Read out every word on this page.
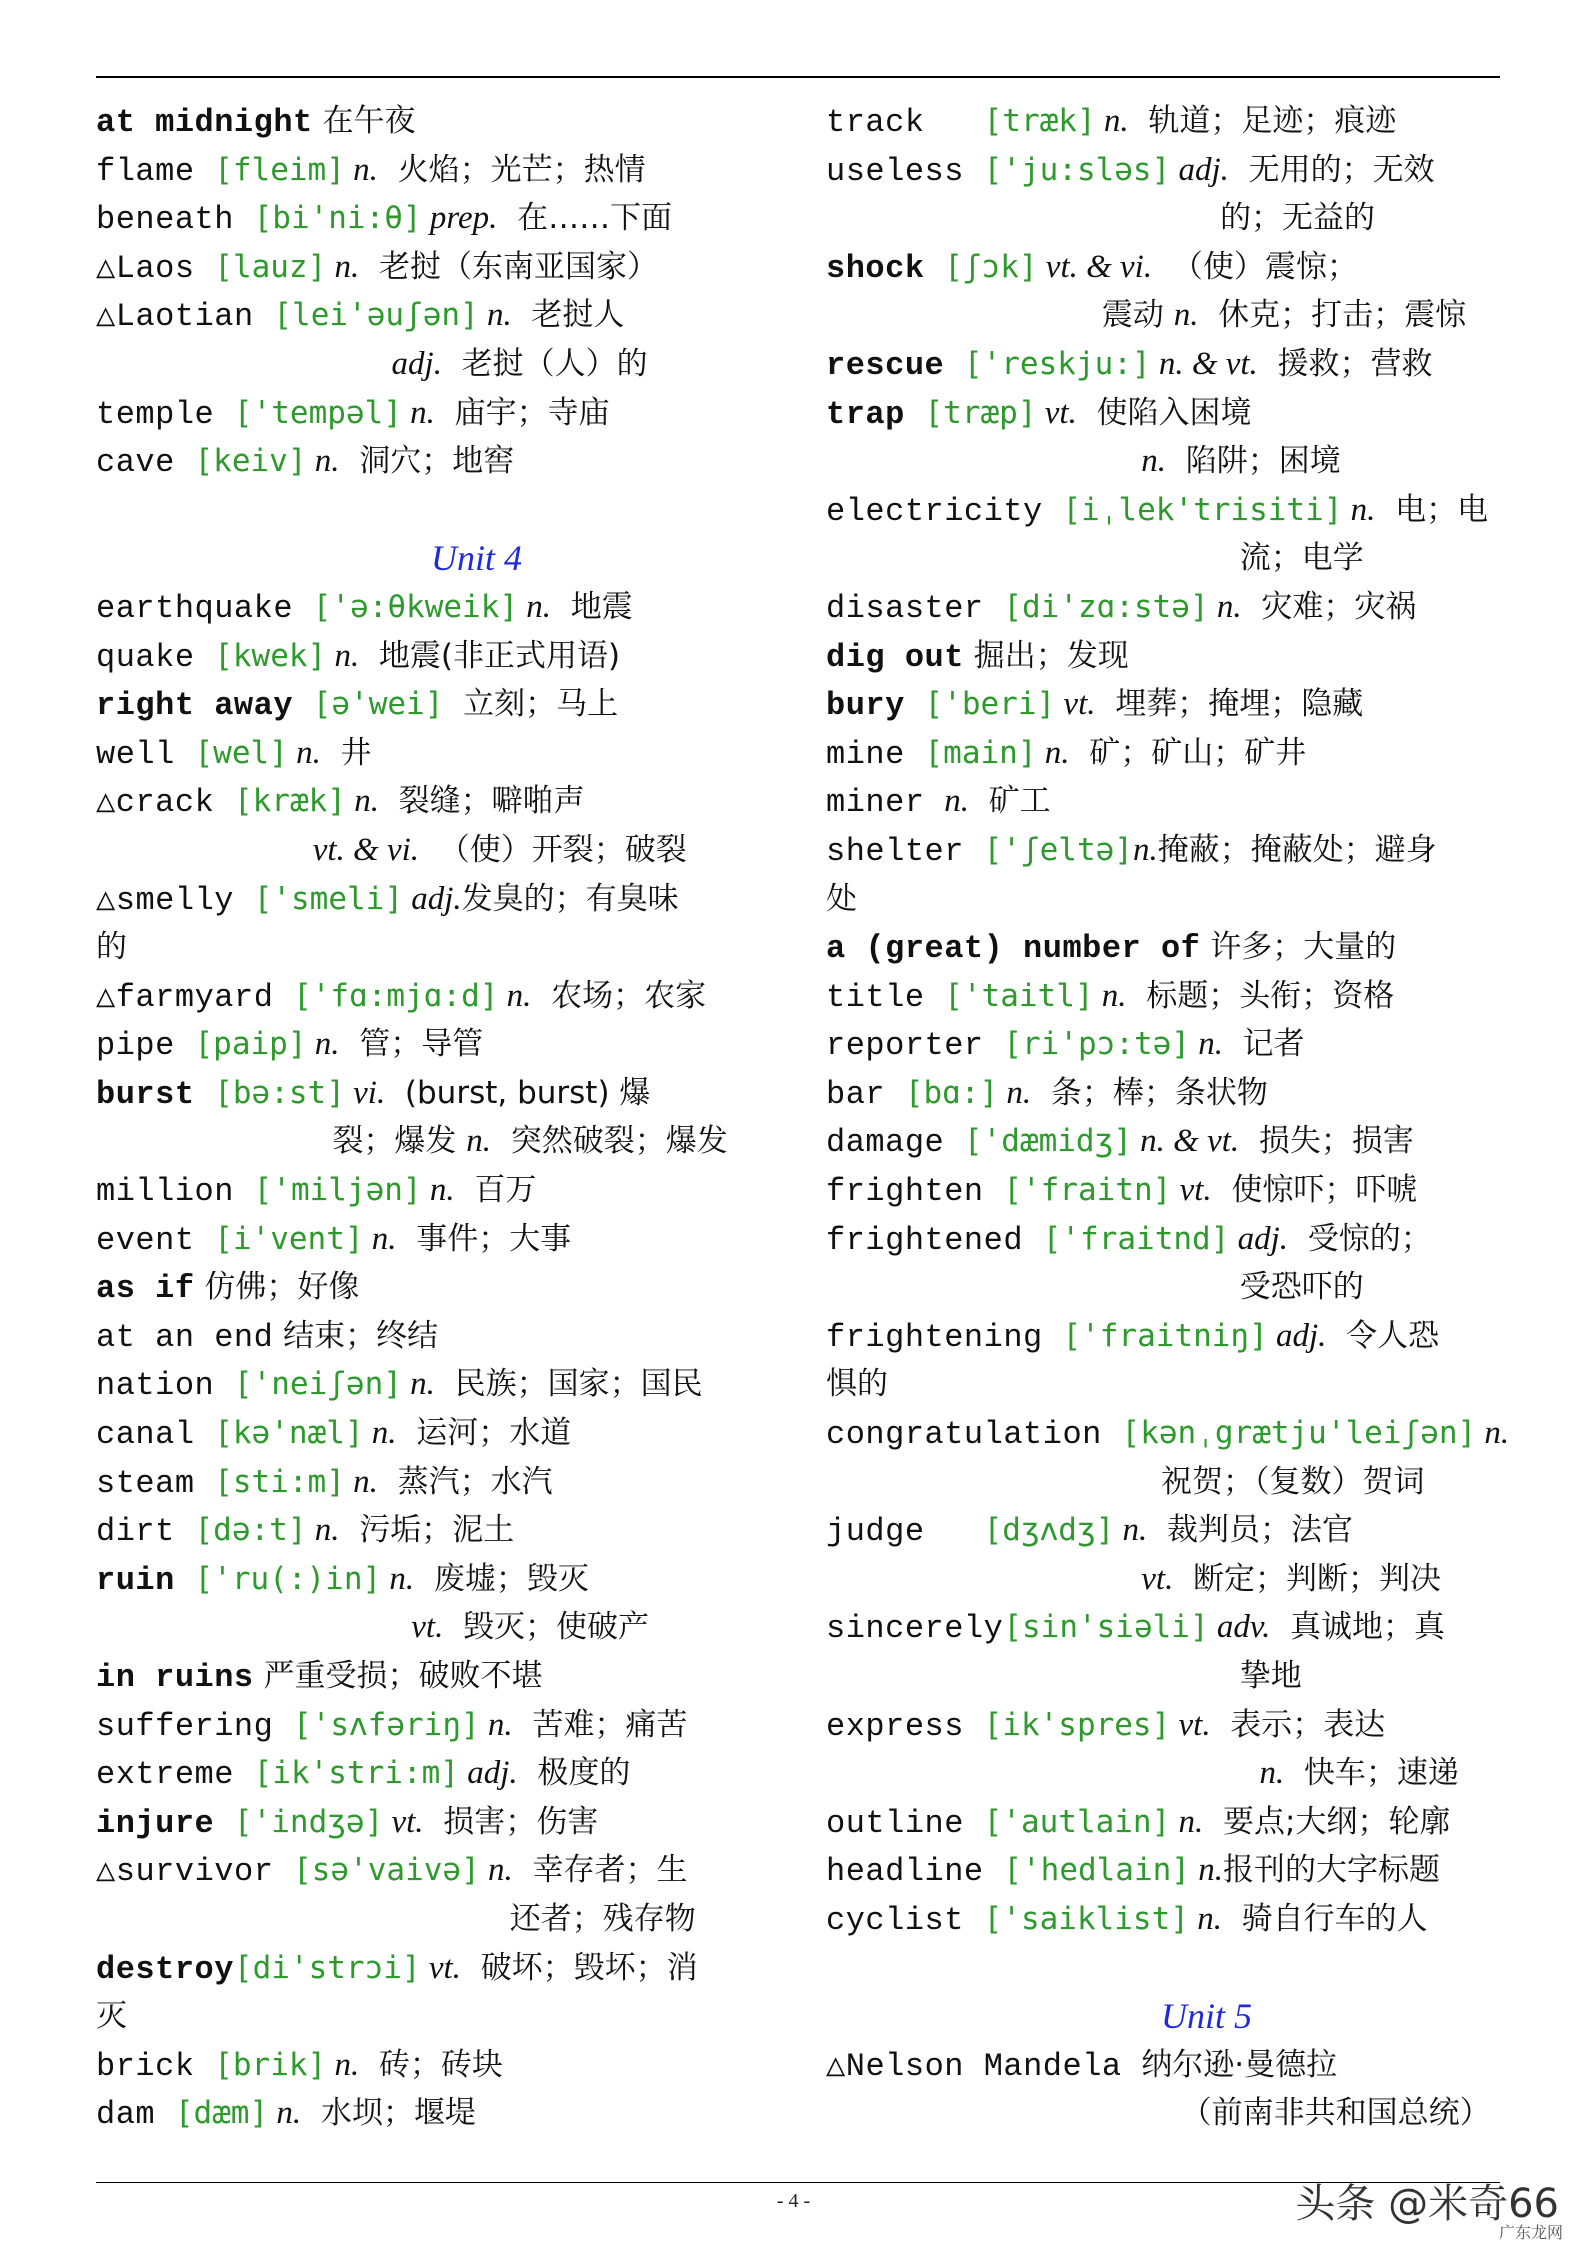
at midnight 在午夜
flame [fleim] n.  火焰；光芒；热情
beneath [bi'ni:θ] prep.  在……下面
△Laos [lauz] n.  老挝（东南亚国家）
△Laotian [lei'əuʃən] n.  老挝人
adj.  老挝（人）的
temple ['tempəl] n.  庙宇；寺庙
cave [keiv] n.  洞穴；地窖

Unit 4
earthquake ['ə:θkweik] n.  地震
quake [kwek] n.  地震(非正式用语)
right away [ə'wei]  立刻；马上
well [wel] n.  井
△crack [kræk] n.  裂缝；噼啪声
vt. & vi.  （使）开裂；破裂
△smelly ['smeli] adj.发臭的；有臭味
的
△farmyard ['fɑ:mjɑ:d] n.  农场；农家
pipe [paip] n.  管；导管
burst [bə:st] vi.  (burst, burst) 爆
裂；爆发 n.  突然破裂；爆发
million ['miljən] n.  百万
event [i'vent] n.  事件；大事
as if 仿佛；好像
at an end 结束；终结
nation ['neiʃən] n.  民族；国家；国民
canal [kə'næl] n.  运河；水道
steam [sti:m] n.  蒸汽；水汽
dirt [də:t] n.  污垢；泥土
ruin ['ru(:)in] n.  废墟；毁灭
vt.  毁灭；使破产
in ruins 严重受损；破败不堪
suffering ['sʌfəriŋ] n.  苦难；痛苦
extreme [ik'stri:m] adj.  极度的
injure ['indʒə] vt.  损害；伤害
△survivor [sə'vaivə] n.  幸存者；生
还者；残存物
destroy[di'strɔi] vt.  破坏；毁坏；消
灭
brick [brik] n.  砖；砖块
dam [dæm] n.  水坝；堰堤
track   [træk] n.  轨道；足迹；痕迹
useless ['ju:sləs] adj.  无用的；无效
的；无益的
shock [ʃɔk] vt. & vi.  （使）震惊；
震动 n.  休克；打击；震惊
rescue ['reskju:] n. & vt.  援救；营救
trap [træp] vt.  使陷入困境
n.  陷阱；困境
electricity [iˌlek'trisiti] n.  电；电
流；电学
disaster [di'zɑ:stə] n.  灾难；灾祸
dig out 掘出；发现
bury ['beri] vt.  埋葬；掩埋；隐藏
mine [main] n.  矿；矿山；矿井
miner n.  矿工
shelter ['ʃeltə]n.掩蔽；掩蔽处；避身
处
a (great) number of 许多；大量的
title ['taitl] n.  标题；头衔；资格
reporter [ri'pɔ:tə] n.  记者
bar [bɑ:] n.  条；棒；条状物
damage ['dæmidʒ] n. & vt.  损失；损害
frighten ['fraitn] vt.  使惊吓；吓唬
frightened ['fraitnd] adj.  受惊的；
受恐吓的
frightening ['fraitniŋ] adj.  令人恐
惧的
congratulation [kənˌgrætju'leiʃən] n.
祝贺；（复数）贺词
judge   [dʒʌdʒ] n.  裁判员；法官
vt.  断定；判断；判决
sincerely[sin'siəli] adv.  真诚地；真
挚地
express [ik'spres] vt.  表示；表达
n.  快车；速递
outline ['autlain] n.  要点;大纲；轮廓
headline ['hedlain] n.报刊的大字标题
cyclist ['saiklist] n.  骑自行车的人

Unit 5
△Nelson Mandela 纳尔逊·曼德拉
（前南非共和国总统）
- 4 -	头条 @米奇66
广东龙网
